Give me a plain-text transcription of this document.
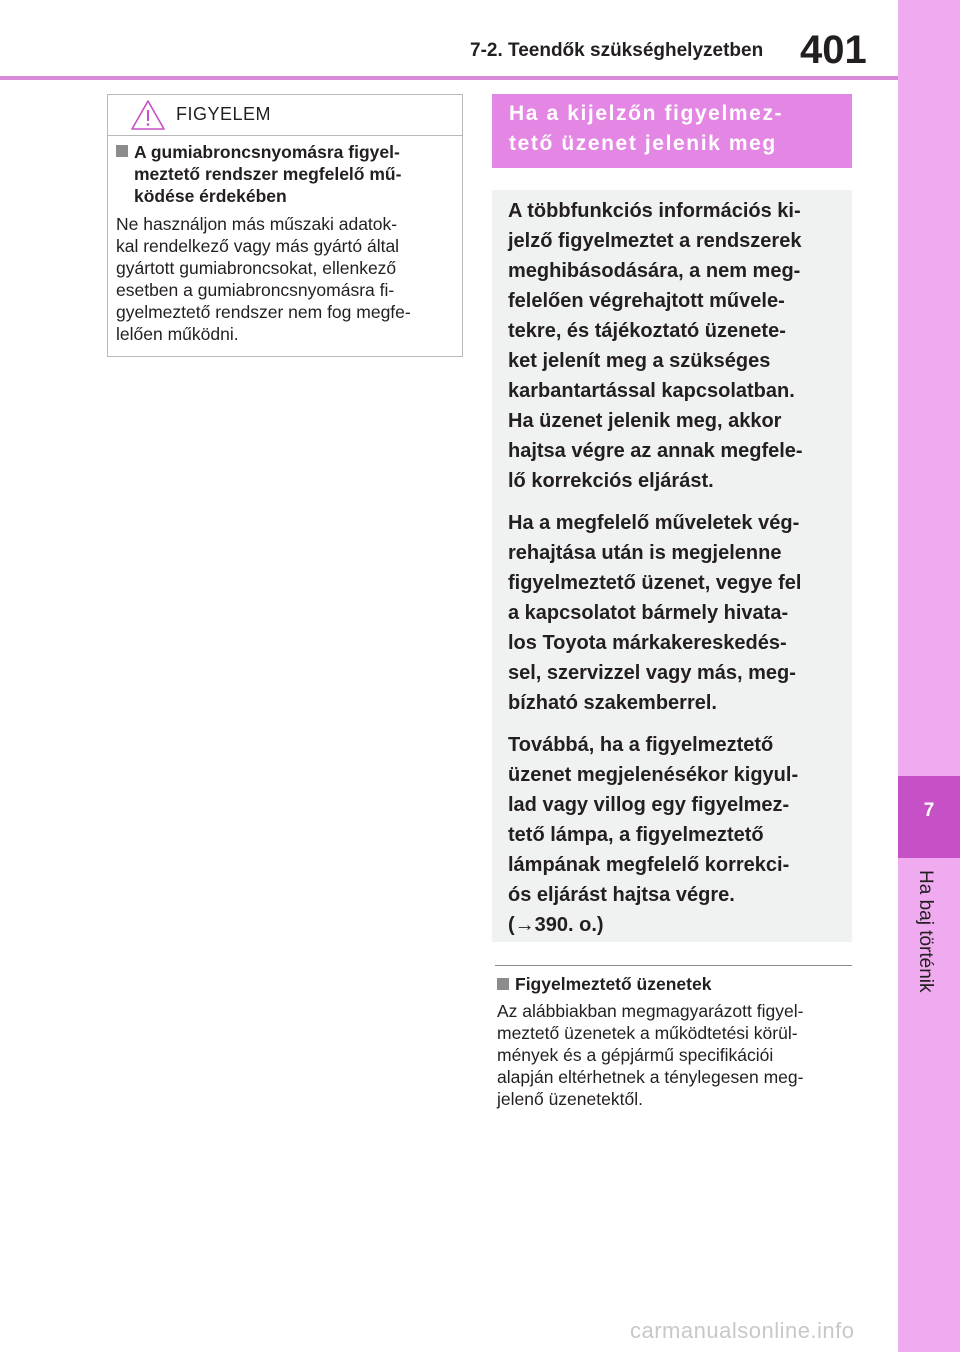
7-2. Teendők szükséghelyzetben 401
7
Ha baj történik
FIGYELEM
A gumiabroncsnyomásra figyel-
meztető rendszer megfelelő mű-
ködése érdekében
Ne használjon más műszaki adatok-
kal rendelkező vagy más gyártó által
gyártott gumiabroncsokat, ellenkező
esetben a gumiabroncsnyomásra fi-
gyelmeztető rendszer nem fog megfe-
lelően működni.
Ha a kijelzőn figyelmez-
tető üzenet jelenik meg

A többfunkciós információs ki-
jelző figyelmeztet a rendszerek
meghibásodására, a nem meg-
felelően végrehajtott művele-
tekre, és tájékoztató üzenete-
ket jelenít meg a szükséges
karbantartással kapcsolatban.
Ha üzenet jelenik meg, akkor
hajtsa végre az annak megfele-
lő korrekciós eljárást.

Ha a megfelelő műveletek vég-
rehajtása után is megjelenne
figyelmeztető üzenet, vegye fel
a kapcsolatot bármely hivata-
los Toyota márkakereskedés-
sel, szervizzel vagy más, meg-
bízható szakemberrel.

Továbbá, ha a figyelmeztető
üzenet megjelenésékor kigyul-
lad vagy villog egy figyelmez-
tető lámpa, a figyelmeztető
lámpának megfelelő korrekci-
ós eljárást hajtsa végre.
(→390. o.)

Figyelmeztető üzenetek
Az alábbiakban megmagyarázott figyel-
meztető üzenetek a működtetési körül-
mények és a gépjármű specifikációi
alapján eltérhetnek a ténylegesen meg-
jelenő üzenetektől.
carmanualsonline.info
